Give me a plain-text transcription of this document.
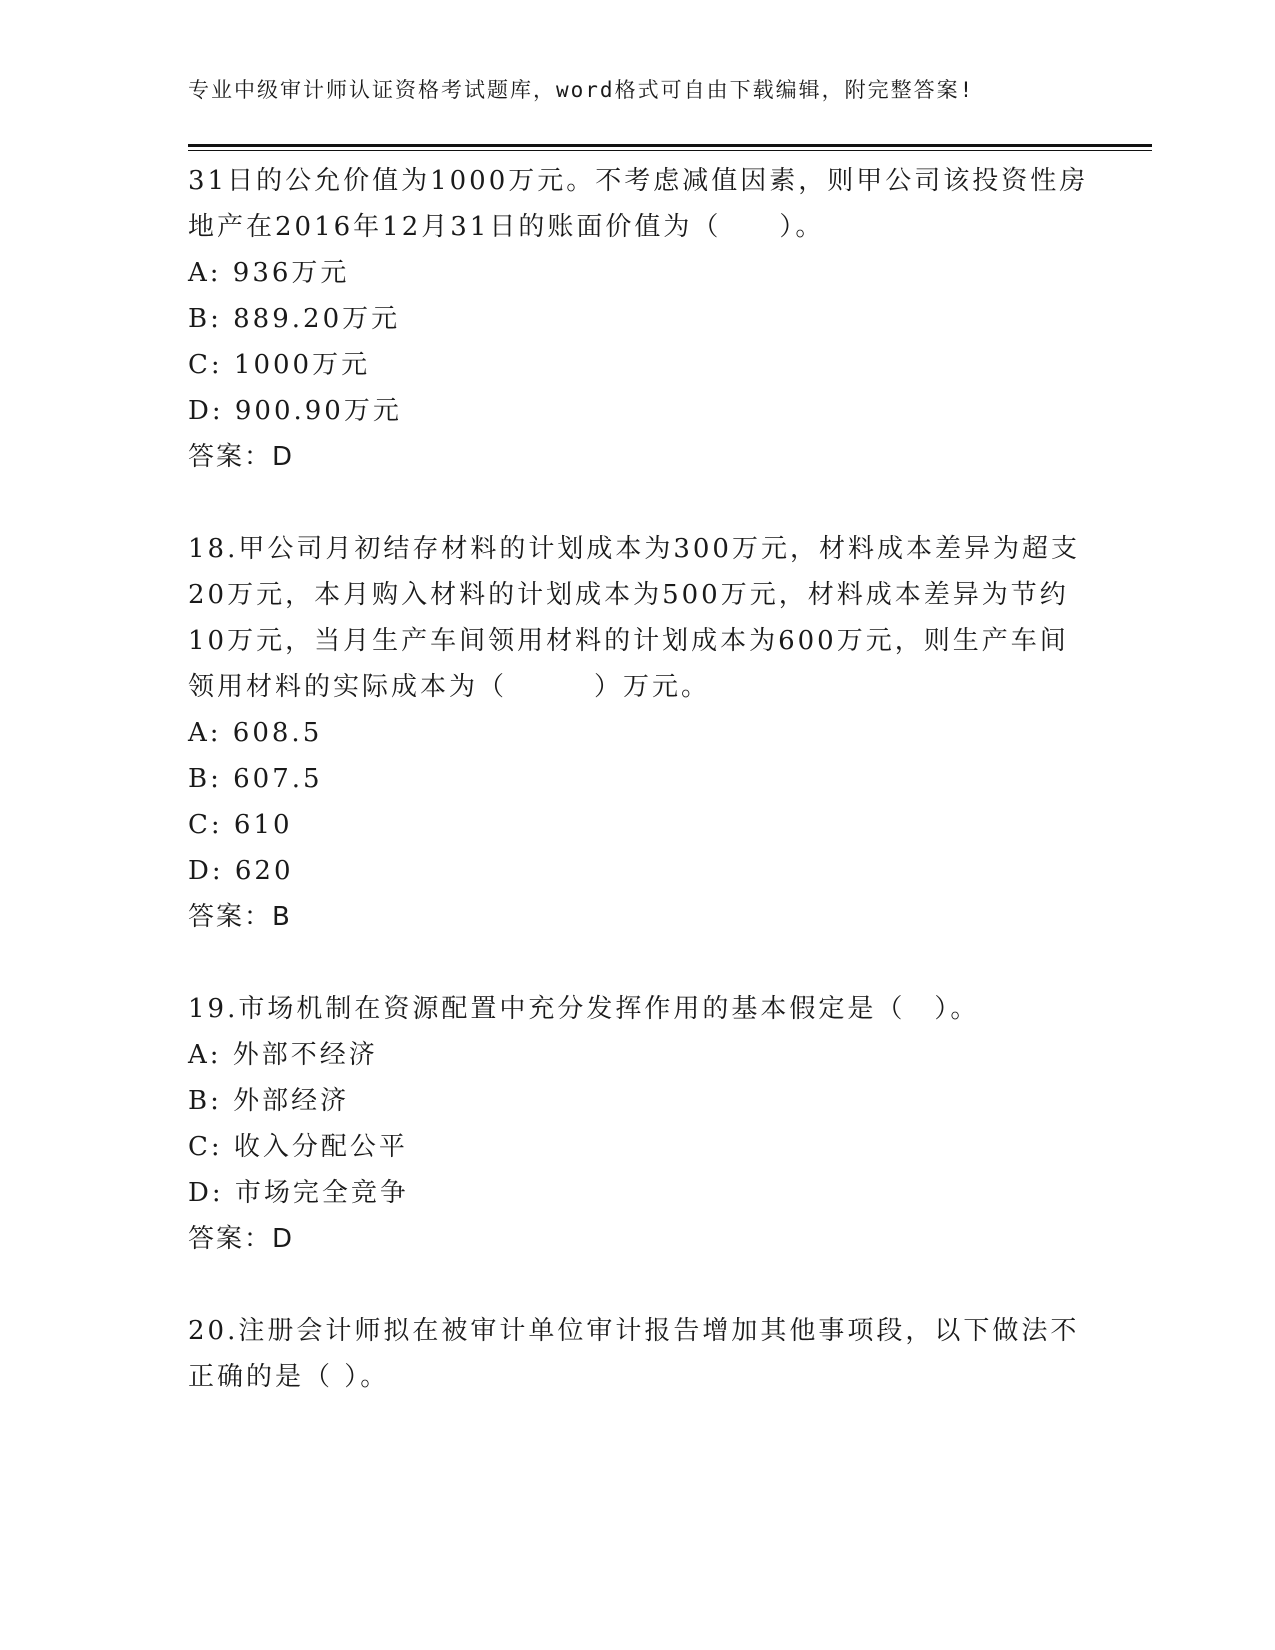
专业中级审计师认证资格考试题库，word格式可自由下载编辑，附完整答案!
31日的公允价值为1000万元。不考虑减值因素，则甲公司该投资性房
地产在2016年12月31日的账面价值为（　　）。
A: 936万元
B: 889.20万元
C: 1000万元
D: 900.90万元
答案：D
18.甲公司月初结存材料的计划成本为300万元，材料成本差异为超支
20万元，本月购入材料的计划成本为500万元，材料成本差异为节约
10万元，当月生产车间领用材料的计划成本为600万元，则生产车间
领用材料的实际成本为（　　　）万元。
A: 608.5
B: 607.5
C: 610
D: 620
答案：B
19.市场机制在资源配置中充分发挥作用的基本假定是（　）。
A: 外部不经济
B: 外部经济
C: 收入分配公平
D: 市场完全竞争
答案：D
20.注册会计师拟在被审计单位审计报告增加其他事项段，以下做法不
正确的是（ ）。
